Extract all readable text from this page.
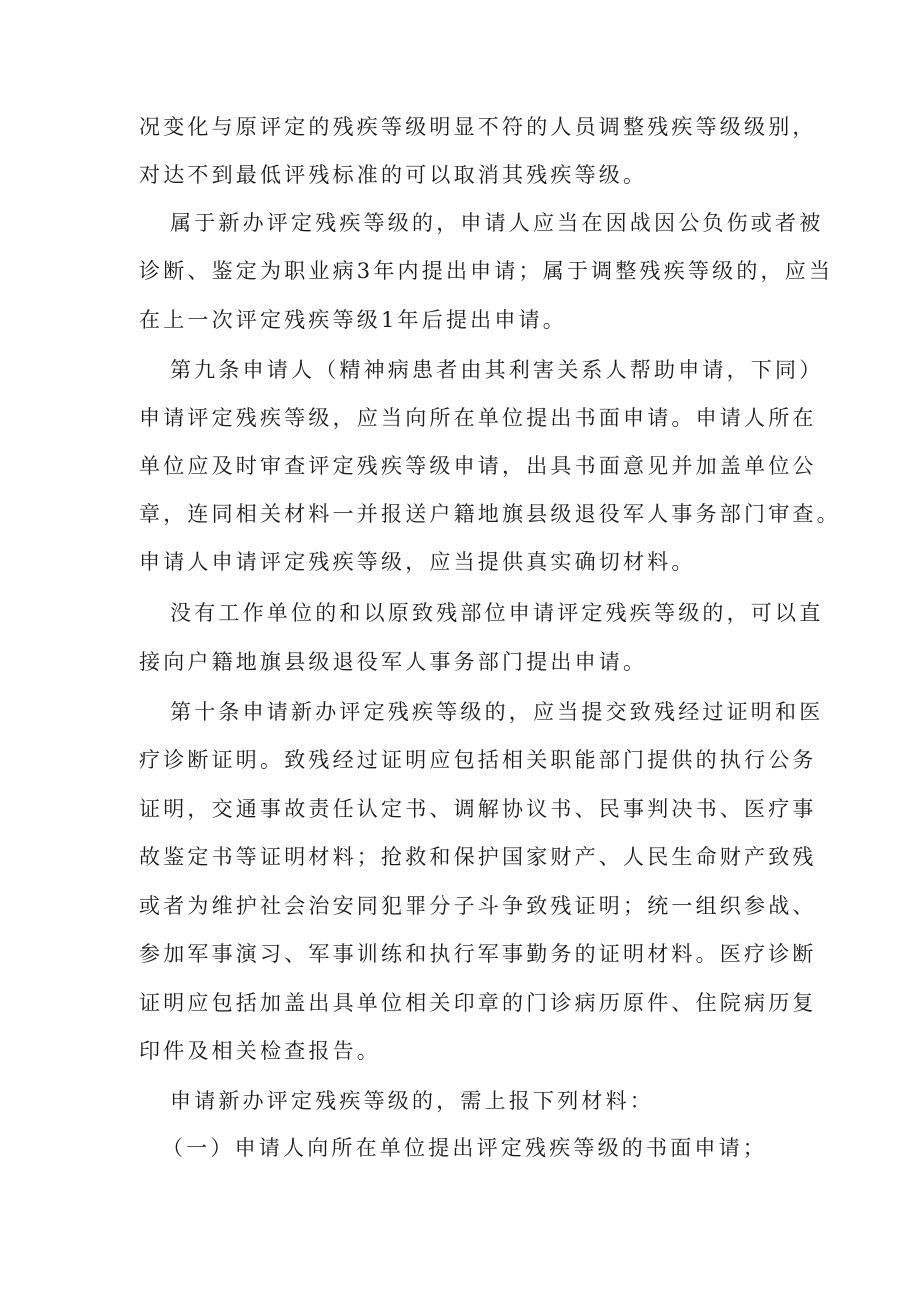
况变化与原评定的残疾等级明显不符的人员调整残疾等级级别，
对达不到最低评残标准的可以取消其残疾等级。
属于新办评定残疾等级的，申请人应当在因战因公负伤或者被
诊断、鉴定为职业病3年内提出申请；属于调整残疾等级的，应当
在上一次评定残疾等级1年后提出申请。
第九条申请人（精神病患者由其利害关系人帮助申请，下同）
申请评定残疾等级，应当向所在单位提出书面申请。申请人所在
单位应及时审查评定残疾等级申请，出具书面意见并加盖单位公
章，连同相关材料一并报送户籍地旗县级退役军人事务部门审查。
申请人申请评定残疾等级，应当提供真实确切材料。
没有工作单位的和以原致残部位申请评定残疾等级的，可以直
接向户籍地旗县级退役军人事务部门提出申请。
第十条申请新办评定残疾等级的，应当提交致残经过证明和医
疗诊断证明。致残经过证明应包括相关职能部门提供的执行公务
证明，交通事故责任认定书、调解协议书、民事判决书、医疗事
故鉴定书等证明材料；抢救和保护国家财产、人民生命财产致残
或者为维护社会治安同犯罪分子斗争致残证明；统一组织参战、
参加军事演习、军事训练和执行军事勤务的证明材料。医疗诊断
证明应包括加盖出具单位相关印章的门诊病历原件、住院病历复
印件及相关检查报告。
申请新办评定残疾等级的，需上报下列材料：
（一）申请人向所在单位提出评定残疾等级的书面申请；
